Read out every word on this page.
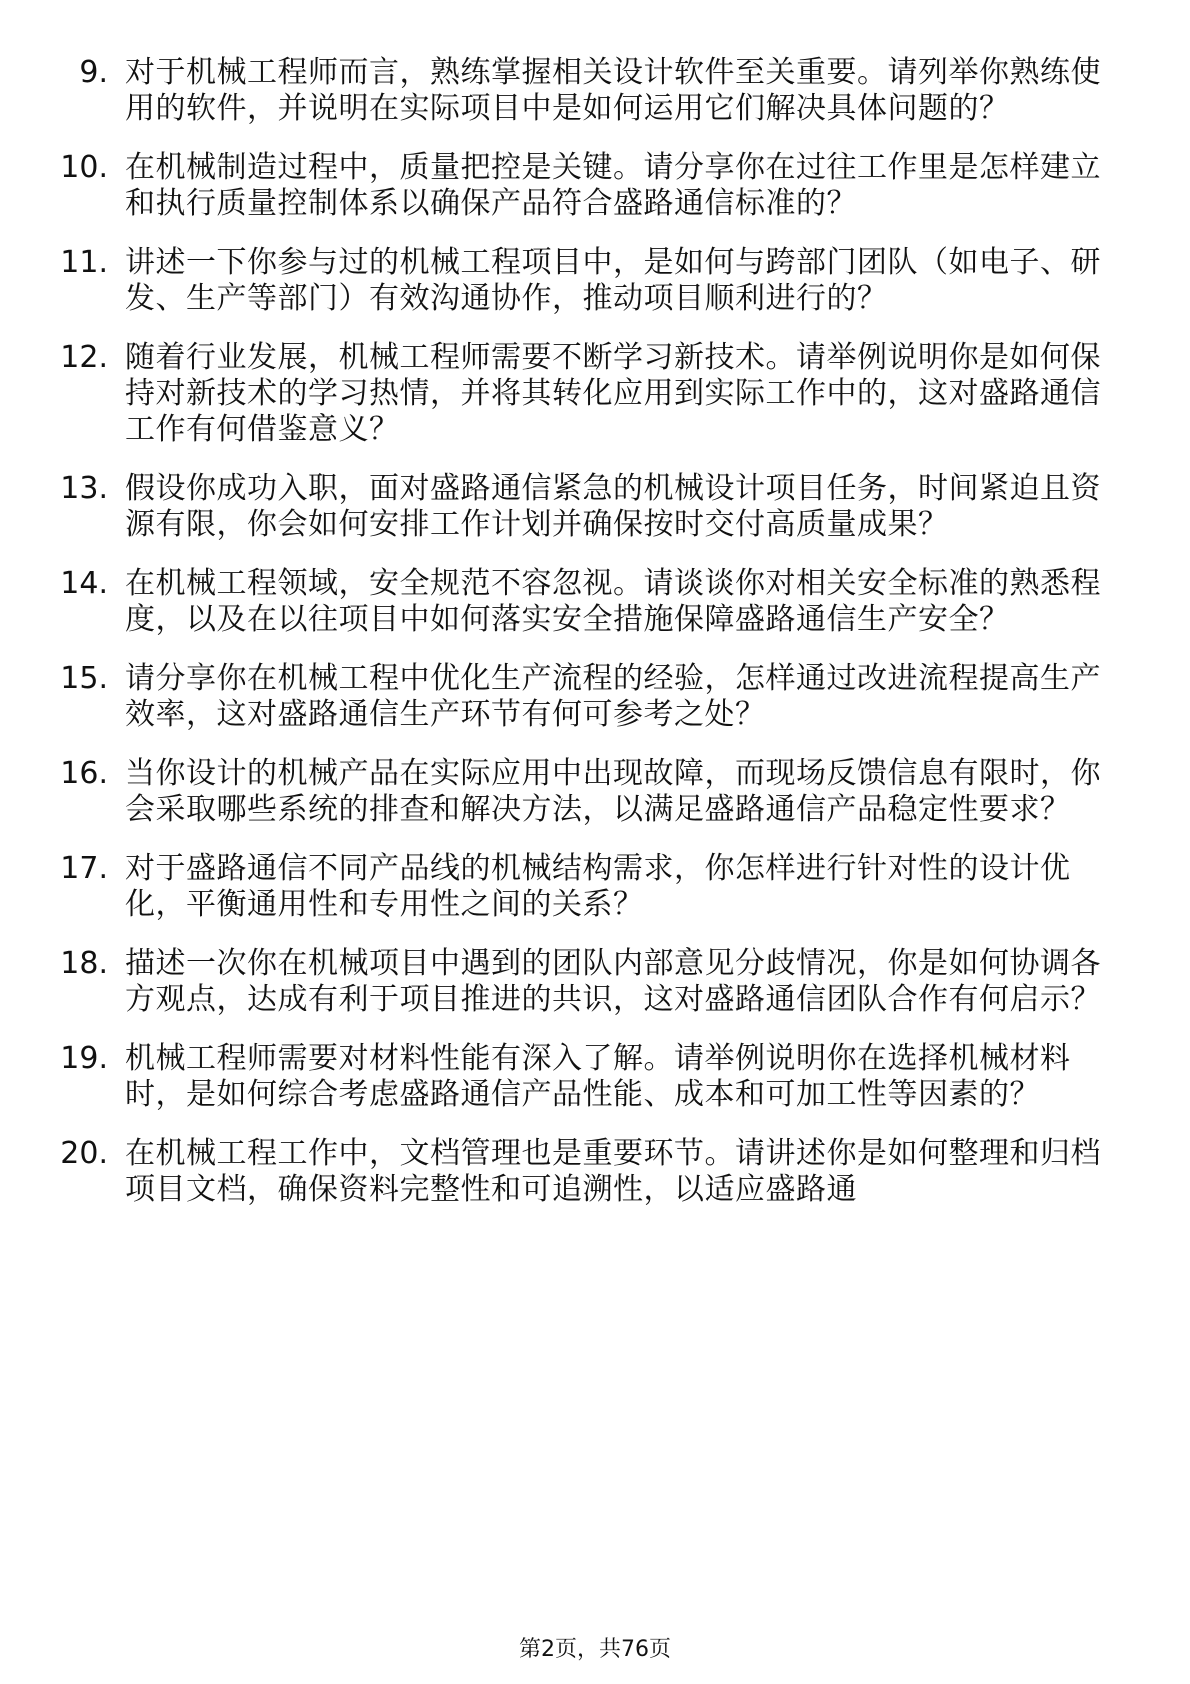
9. 对于机械工程师而言，熟练掌握相关设计软件至关重要。请列举你熟练使用的软件，并说明在实际项目中是如何运用它们解决具体问题的？
10. 在机械制造过程中，质量把控是关键。请分享你在过往工作里是怎样建立和执行质量控制体系以确保产品符合盛路通信标准的？
11. 讲述一下你参与过的机械工程项目中，是如何与跨部门团队（如电子、研发、生产等部门）有效沟通协作，推动项目顺利进行的？
12. 随着行业发展，机械工程师需要不断学习新技术。请举例说明你是如何保持对新技术的学习热情，并将其转化应用到实际工作中的，这对盛路通信工作有何借鉴意义？
13. 假设你成功入职，面对盛路通信紧急的机械设计项目任务，时间紧迫且资源有限，你会如何安排工作计划并确保按时交付高质量成果？
14. 在机械工程领域，安全规范不容忽视。请谈谈你对相关安全标准的熟悉程度，以及在以往项目中如何落实安全措施保障盛路通信生产安全？
15. 请分享你在机械工程中优化生产流程的经验，怎样通过改进流程提高生产效率，这对盛路通信生产环节有何可参考之处？
16. 当你设计的机械产品在实际应用中出现故障，而现场反馈信息有限时，你会采取哪些系统的排查和解决方法，以满足盛路通信产品稳定性要求？
17. 对于盛路通信不同产品线的机械结构需求，你怎样进行针对性的设计优化，平衡通用性和专用性之间的关系？
18. 描述一次你在机械项目中遇到的团队内部意见分歧情况，你是如何协调各方观点，达成有利于项目推进的共识，这对盛路通信团队合作有何启示？
19. 机械工程师需要对材料性能有深入了解。请举例说明你在选择机械材料时，是如何综合考虑盛路通信产品性能、成本和可加工性等因素的？
20. 在机械工程工作中，文档管理也是重要环节。请讲述你是如何整理和归档项目文档，确保资料完整性和可追溯性，以适应盛路通
第2页，共76页
